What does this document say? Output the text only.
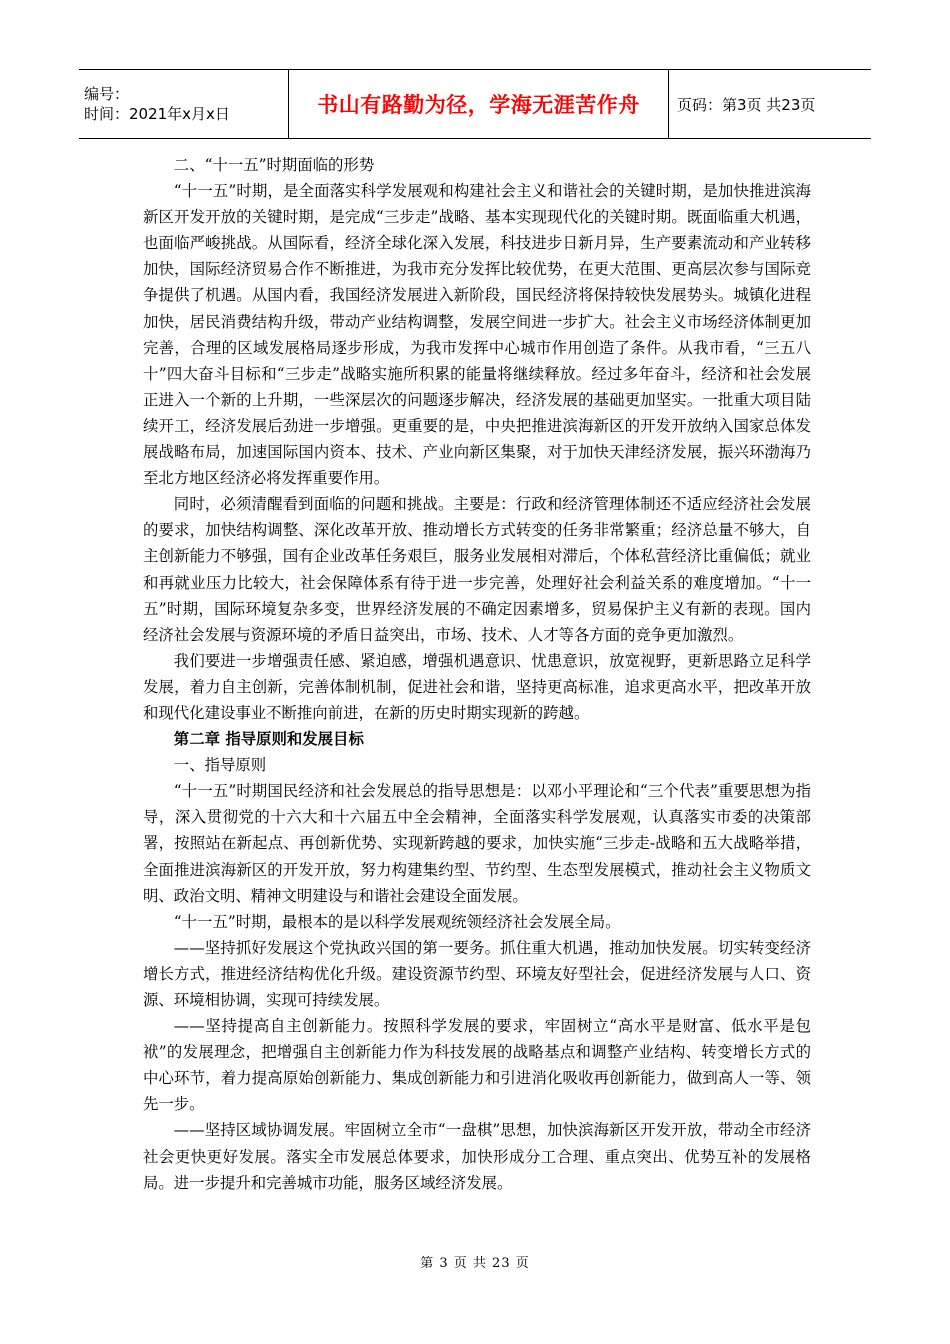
编号：
时间：2021年x月x日	书山有路勤为径，学海无涯苦作舟	页码：第3页 共23页

二、“十一五”时期面临的形势

“十一五”时期，是全面落实科学发展观和构建社会主义和谐社会的关键时期，是加快推进滨海新区开发开放的关键时期，是完成“三步走”战略、基本实现现代化的关键时期。既面临重大机遇，也面临严峻挑战。从国际看，经济全球化深入发展，科技进步日新月异，生产要素流动和产业转移加快，国际经济贸易合作不断推进，为我市充分发挥比较优势，在更大范围、更高层次参与国际竞争提供了机遇。从国内看，我国经济发展进入新阶段，国民经济将保持较快发展势头。城镇化进程加快，居民消费结构升级，带动产业结构调整，发展空间进一步扩大。社会主义市场经济体制更加完善，合理的区域发展格局逐步形成，为我市发挥中心城市作用创造了条件。从我市看，“三五八十”四大奋斗目标和“三步走”战略实施所积累的能量将继续释放。经过多年奋斗，经济和社会发展正进入一个新的上升期，一些深层次的问题逐步解决，经济发展的基础更加坚实。一批重大项目陆续开工，经济发展后劲进一步增强。更重要的是，中央把推进滨海新区的开发开放纳入国家总体发展战略布局，加速国际国内资本、技术、产业向新区集聚，对于加快天津经济发展，振兴环渤海乃至北方地区经济必将发挥重要作用。

同时，必须清醒看到面临的问题和挑战。主要是：行政和经济管理体制还不适应经济社会发展的要求，加快结构调整、深化改革开放、推动增长方式转变的任务非常繁重；经济总量不够大，自主创新能力不够强，国有企业改革任务艰巨，服务业发展相对滞后，个体私营经济比重偏低；就业和再就业压力比较大，社会保障体系有待于进一步完善，处理好社会利益关系的难度增加。“十一五”时期，国际环境复杂多变，世界经济发展的不确定因素增多，贸易保护主义有新的表现。国内经济社会发展与资源环境的矛盾日益突出，市场、技术、人才等各方面的竞争更加激烈。

我们要进一步增强责任感、紧迫感，增强机遇意识、忧患意识，放宽视野，更新思路立足科学发展，着力自主创新，完善体制机制，促进社会和谐，坚持更高标准，追求更高水平，把改革开放和现代化建设事业不断推向前进，在新的历史时期实现新的跨越。

第二章 指导原则和发展目标

一、指导原则

“十一五”时期国民经济和社会发展总的指导思想是：以邓小平理论和“三个代表”重要思想为指导，深入贯彻党的十六大和十六届五中全会精神，全面落实科学发展观，认真落实市委的决策部署，按照站在新起点、再创新优势、实现新跨越的要求，加快实施“三步走-战略和五大战略举措，全面推进滨海新区的开发开放，努力构建集约型、节约型、生态型发展模式，推动社会主义物质文明、政治文明、精神文明建设与和谐社会建设全面发展。

“十一五”时期，最根本的是以科学发展观统领经济社会发展全局。

——坚持抓好发展这个党执政兴国的第一要务。抓住重大机遇，推动加快发展。切实转变经济增长方式，推进经济结构优化升级。建设资源节约型、环境友好型社会，促进经济发展与人口、资源、环境相协调，实现可持续发展。

——坚持提高自主创新能力。按照科学发展的要求，牢固树立“高水平是财富、低水平是包袱”的发展理念，把增强自主创新能力作为科技发展的战略基点和调整产业结构、转变增长方式的中心环节，着力提高原始创新能力、集成创新能力和引进消化吸收再创新能力，做到高人一等、领先一步。

——坚持区域协调发展。牢固树立全市“一盘棋”思想，加快滨海新区开发开放，带动全市经济社会更快更好发展。落实全市发展总体要求，加快形成分工合理、重点突出、优势互补的发展格局。进一步提升和完善城市功能，服务区域经济发展。

第 3 页 共 23 页
